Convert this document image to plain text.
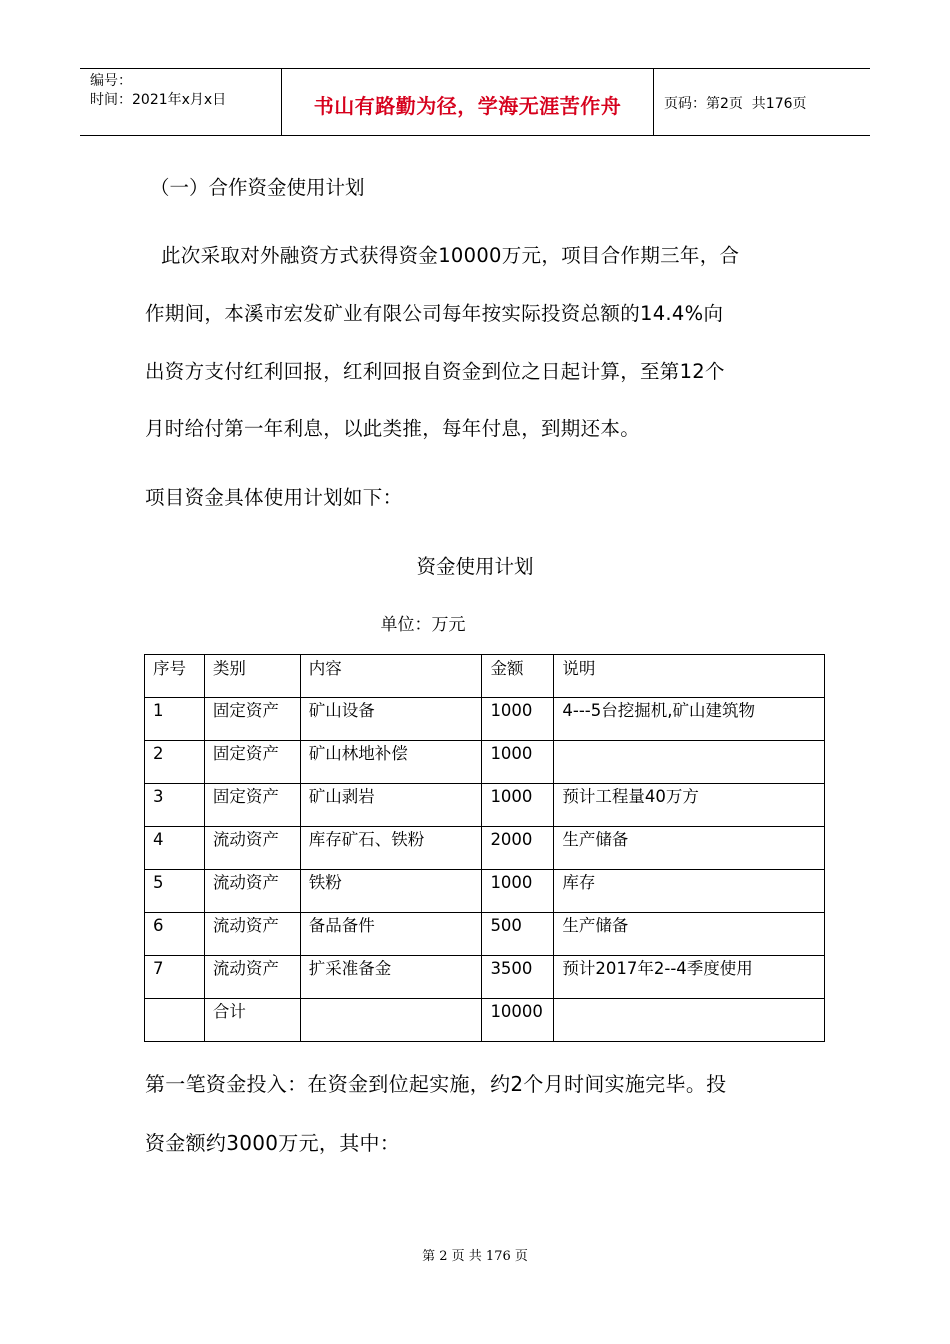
编号：
时间：2021年x月x日	书山有路勤为径，学海无涯苦作舟	页码：第2页  共176页
（一）合作资金使用计划
此次采取对外融资方式获得资金10000万元，项目合作期三年，合
作期间，本溪市宏发矿业有限公司每年按实际投资总额的14.4%向
出资方支付红利回报，红利回报自资金到位之日起计算，至第12个
月时给付第一年利息，以此类推，每年付息，到期还本。
项目资金具体使用计划如下：
资金使用计划
单位：万元
序号	类别	内容	金额	说明
1	固定资产	矿山设备	1000	4---5台挖掘机,矿山建筑物
2	固定资产	矿山林地补偿	1000	
3	固定资产	矿山剥岩	1000	预计工程量40万方
4	流动资产	库存矿石、铁粉	2000	生产储备
5	流动资产	铁粉	1000	库存
6	流动资产	备品备件	500	生产储备
7	流动资产	扩采准备金	3500	预计2017年2--4季度使用
	合计		10000	
第一笔资金投入：在资金到位起实施，约2个月时间实施完毕。投
资金额约3000万元，其中：
第 2 页 共 176 页
